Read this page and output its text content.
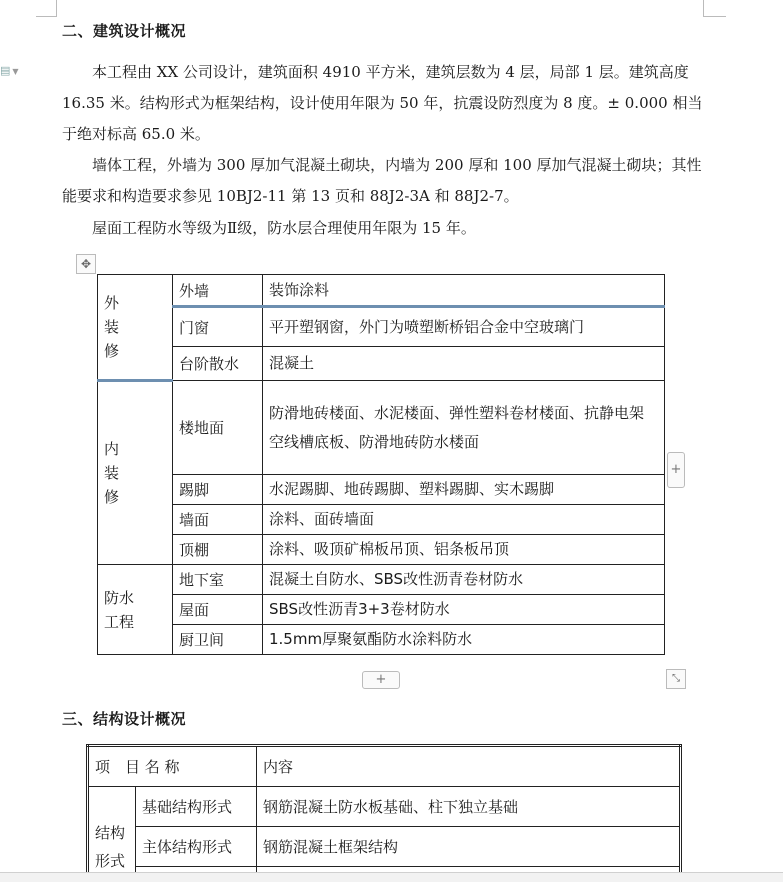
▤ ▼
二、建筑设计概况

本工程由 XX 公司设计，建筑面积 4910 平方米，建筑层数为 4 层，局部 1 层。建筑高度 16.35 米。结构形式为框架结构，设计使用年限为 50 年，抗震设防烈度为 8 度。± 0.000 相当于绝对标高 65.0 米。

墙体工程，外墙为 300 厚加气混凝土砌块，内墙为 200 厚和 100 厚加气混凝土砌块；其性能要求和构造要求参见 10BJ2-11 第 13 页和 88J2-3A 和 88J2-7。

屋面工程防水等级为Ⅱ级，防水层合理使用年限为 15 年。

✥
外
装
修	外墙	装饰涂料
	门窗	平开塑钢窗，外门为喷塑断桥铝合金中空玻璃门
	台阶散水	混凝土
内
装
修	楼地面	防滑地砖楼面、水泥楼面、弹性塑料卷材楼面、抗静电架空线槽底板、防滑地砖防水楼面
	踢脚	水泥踢脚、地砖踢脚、塑料踢脚、实木踢脚
	墙面	涂料、面砖墙面
	顶棚	涂料、吸顶矿棉板吊顶、铝条板吊顶
防水
工程	地下室	混凝土自防水、SBS改性沥青卷材防水
	屋面	SBS改性沥青3+3卷材防水
	厨卫间	1.5mm厚聚氨酯防水涂料防水
+
+	⤡
三、结构设计概况
项　目 名 称		内容
结构
形式	基础结构形式	钢筋混凝土防水板基础、柱下独立基础
	主体结构形式	钢筋混凝土框架结构
